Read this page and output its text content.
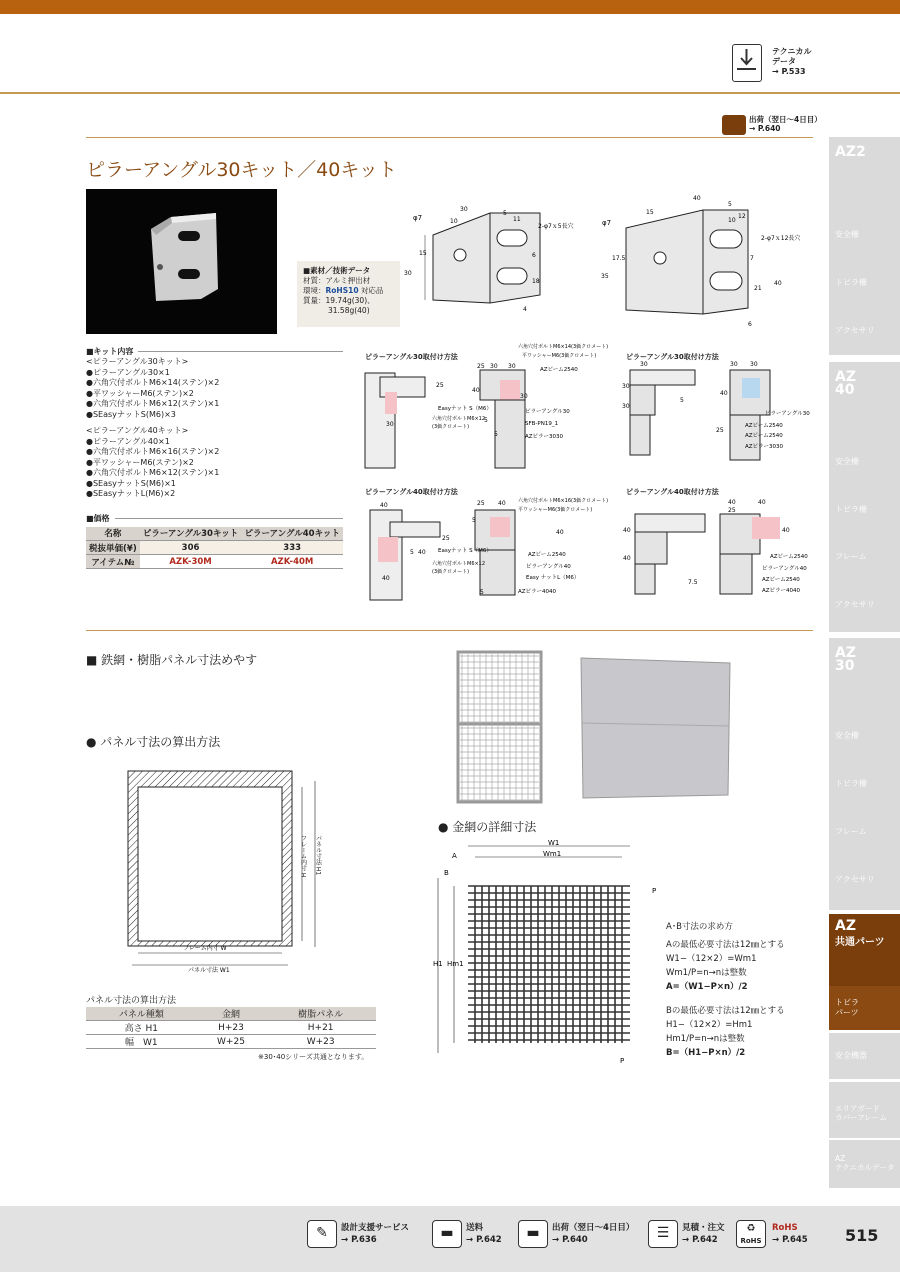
テクニカル
データ
→ P.533
出荷（翌日〜4日目）
→ P.640
ピラーアングル30キット／40キット
φ7
30
10
5
11
15	6
18
30
2-φ7ｘ5長穴
4
φ7
40
15
5
12
10
17.5	7
35
21
40
2-φ7ｘ12長穴
6
■素材／技術データ
材質：アルミ押出材
環境：RoHS10 対応品
質量：19.74g(30)、
31.58g(40)
■キット内容
<ピラーアングル30キット>
●ピラーアングル30×1
●六角穴付ボルトM6×14(ステン)×2
●平ワッシャーM6(ステン)×2
●六角穴付ボルトM6×12(ステン)×1
●SEasyナットS(M6)×3
<ピラーアングル40キット>
●ピラーアングル40×1
●六角穴付ボルトM6×16(ステン)×2
●平ワッシャーM6(ステン)×2
●六角穴付ボルトM6×12(ステン)×1
●SEasyナットS(M6)×1
●SEasyナットL(M6)×2
■価格
名称	ピラーアングル30キット	ピラーアングル40キット
税抜単価(¥)	306	333
アイテム№	AZK-30M	AZK-40M
ピラーアングル30取付け方法	ピラーアングル30取付け方法
ピラーアングル40取付け方法	ピラーアングル40取付け方法
六角穴付ボルトM6×14(3価クロメート)
平ワッシャーM6(3価クロメート)
AZビーム2540
Easyナット S（M6）	ピラーアングル30
六角穴付ボルトM6×12
(3価クロメート)	SFB-PN19_1
AZピラー3030
25
30 30
40
30
5
25
30
5
ピラーアングル30
AZビーム2540
AZビーム2540
AZピラー3030
30
30
30
5
30
40
30
25
六角穴付ボルトM6×16(3価クロメート)
平ワッシャーM6(3価クロメート)
Easyナット S（M6）
AZビーム2540
ピラーアングル40
六角穴付ボルトM6×12
(3価クロメート)
Easy ナットL（M6）
AZピラー4040
40
40
25 40
5
25
5
40
40
5
AZビーム2540
ピラーアングル40
AZビーム2540
AZピラー4040
40
25
40
40
40
7.5
40
■ 鉄網・樹脂パネル寸法めやす
● パネル寸法の算出方法
フレーム内寸 W
パネル寸法 W1
フレーム内寸 H パネル寸法 H1
パネル寸法の算出方法
パネル種類	金網	樹脂パネル
高さ H1	H+23	H+21
幅　W1	W+25	W+23
※30･40シリーズ共通となります。
● 金網の詳細寸法
W1
Wm1
A
B
H1 Hm1
P
P
A･B寸法の求め方
Aの最低必要寸法は12㎜とする
W1−（12×2）=Wm1
Wm1/P=n→nは整数
A=（W1−P×n）/2
Bの最低必要寸法は12㎜とする
H1−（12×2）=Hm1
Hm1/P=n→nは整数
B=（H1−P×n）/2
AZ2
安全柵
トビラ柵
アクセサリ
AZ
40
安全柵
トビラ柵
フレーム
アクセサリ
AZ
30
安全柵
トビラ柵
フレーム
アクセサリ
AZ
共通パーツ
トビラ
パーツ
安全機器
エリアガード
カバーフレーム
AZ
テクニカルデータ
✎	設計支援サービス
→ P.636	▬	送料
→ P.642	▬	出荷（翌日〜4日目）
→ P.640	☰	見積・注文
→ P.642
♻
RoHS
RoHS
→ P.645 515
